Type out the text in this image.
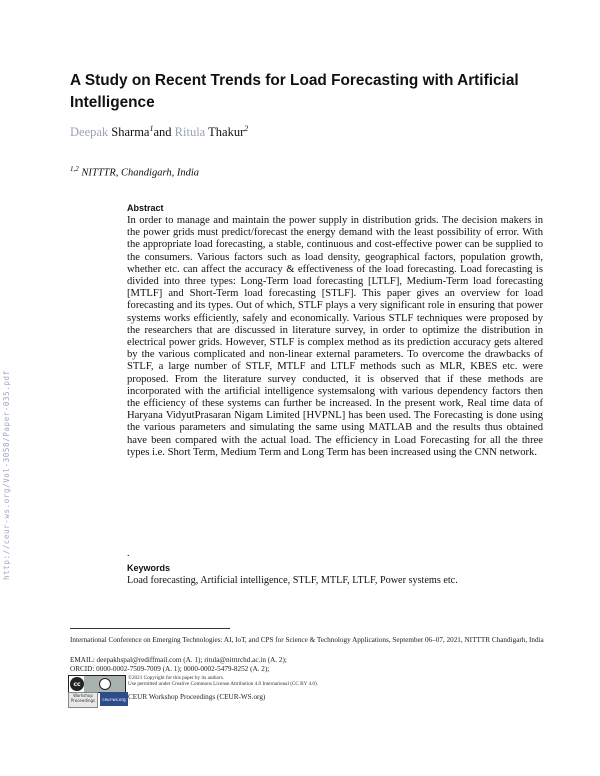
http://ceur-ws.org/Vol-3058/Paper-035.pdf
A Study on Recent Trends for Load Forecasting with Artificial Intelligence
Deepak Sharma$^1$and Ritula Thakur$^2$
$^{1,2}$ NITTTR, Chandigarh, India
Abstract

In order to manage and maintain the power supply in distribution grids. The decision makers in the power grids must predict/forecast the energy demand with the least possibility of error. With the appropriate load forecasting, a stable, continuous and cost-effective power can be supplied to the consumers. Various factors such as load density, geographical factors, population growth, whether etc. can affect the accuracy & effectiveness of the load forecasting. Load forecasting is divided into three types: Long-Term load forecasting [LTLF], Medium-Term load forecasting [MTLF] and Short-Term load forecasting [STLF]. This paper gives an overview for load forecasting and its types. Out of which, STLF plays a very significant role in ensuring that power systems works efficiently, safely and economically. Various STLF techniques were proposed by the researchers that are discussed in literature survey, in order to optimize the distribution in electrical power grids. However, STLF is complex method as its prediction accuracy gets altered by the various complicated and non-linear external parameters. To overcome the drawbacks of STLF, a large number of STLF, MTLF and LTLF methods such as MLR, KBES etc. were proposed. From the literature survey conducted, it is observed that if these methods are incorporated with the artificial intelligence systemsalong with various dependency factors then the efficiency of these systems can further be increased. In the present work, Real time data of Haryana VidyutPrasaran Nigam Limited [HVPNL] has been used. The Forecasting is done using the various parameters and simulating the same using MATLAB and the results thus obtained have been compared with the actual load. The efficiency in Load Forecasting for all the three types i.e. Short Term, Medium Term and Long Term has been increased using the CNN network.

.
Keywords
Load forecasting, Artificial intelligence, STLF, MTLF, LTLF, Power systems etc.
International Conference on Emerging Technologies: AI, IoT, and CPS for Science & Technology Applications, September 06–07, 2021, NITTTR Chandigarh, India
EMAIL: deepakhspal@rediffmail.com (A. 1); ritula@nitttrchd.ac.in (A. 2);
ORCID: 0000-0002-7509-7009 (A. 1); 0000-0002-5479-8252 (A. 2);
cc
©2021 Copyright for this paper by its authors.
Use permitted under Creative Commons License Attribution 4.0 International (CC BY 4.0).
Workshop Proceedings	ceur-ws.org CEUR Workshop Proceedings (CEUR-WS.org)
